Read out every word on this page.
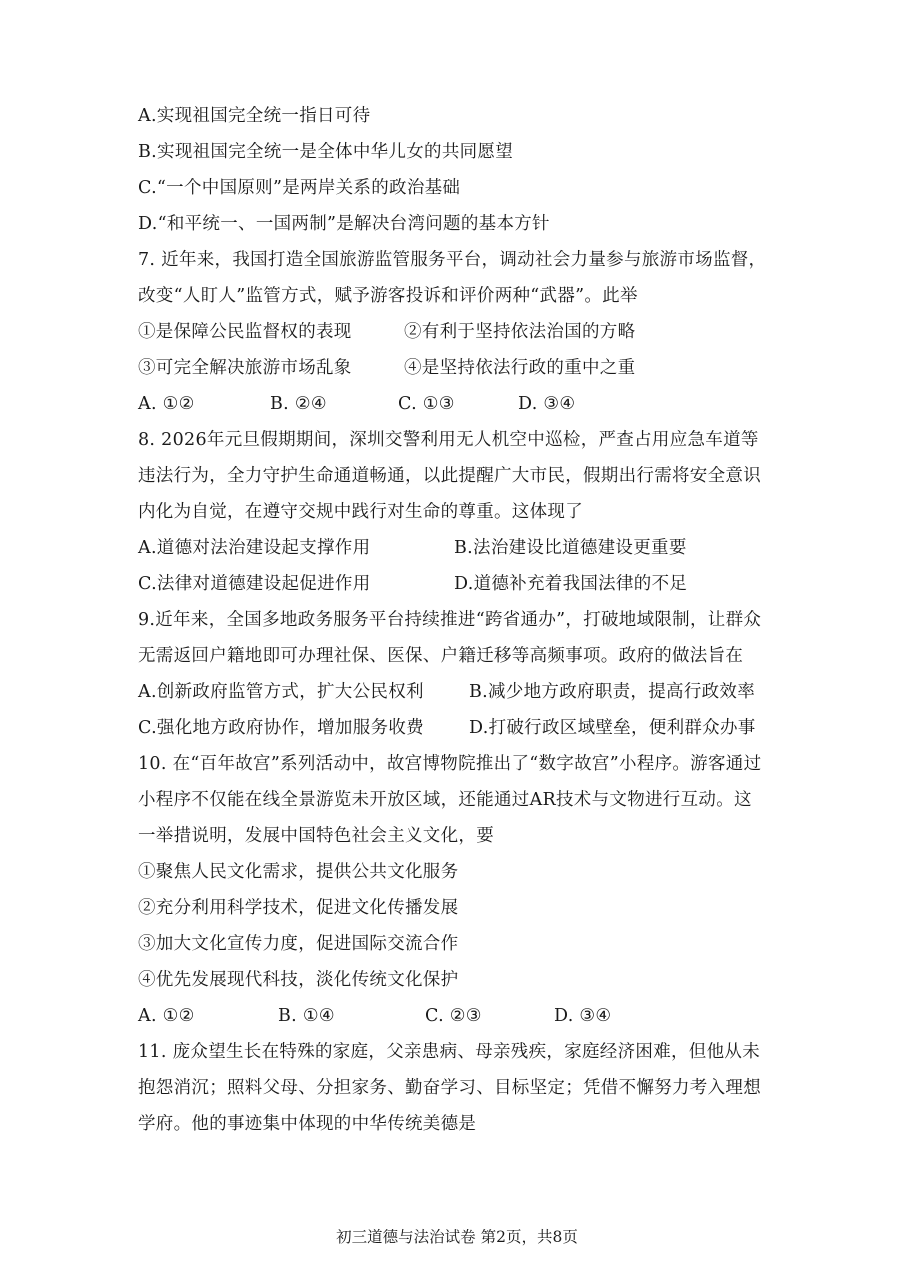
A.实现祖国完全统一指日可待
B.实现祖国完全统一是全体中华儿女的共同愿望
C.“一个中国原则”是两岸关系的政治基础
D.“和平统一、一国两制”是解决台湾问题的基本方针
7. 近年来，我国打造全国旅游监管服务平台，调动社会力量参与旅游市场监督，
改变“人盯人”监管方式，赋予游客投诉和评价两种“武器”。此举
①是保障公民监督权的表现	②有利于坚持依法治国的方略
③可完全解决旅游市场乱象	④是坚持依法行政的重中之重
A. ①②	B. ②④	C. ①③	D. ③④
8. 2026年元旦假期期间，深圳交警利用无人机空中巡检，严查占用应急车道等
违法行为，全力守护生命通道畅通，以此提醒广大市民，假期出行需将安全意识
内化为自觉，在遵守交规中践行对生命的尊重。这体现了
A.道德对法治建设起支撑作用	B.法治建设比道德建设更重要
C.法律对道德建设起促进作用	D.道德补充着我国法律的不足
9.近年来，全国多地政务服务平台持续推进“跨省通办”，打破地域限制，让群众
无需返回户籍地即可办理社保、医保、户籍迁移等高频事项。政府的做法旨在
A.创新政府监管方式，扩大公民权利	B.减少地方政府职责，提高行政效率
C.强化地方政府协作，增加服务收费	D.打破行政区域壁垒，便利群众办事
10. 在“百年故宫”系列活动中，故宫博物院推出了“数字故宫”小程序。游客通过
小程序不仅能在线全景游览未开放区域，还能通过AR技术与文物进行互动。这
一举措说明，发展中国特色社会主义文化，要
①聚焦人民文化需求，提供公共文化服务
②充分利用科学技术，促进文化传播发展
③加大文化宣传力度，促进国际交流合作
④优先发展现代科技，淡化传统文化保护
A. ①②	B. ①④	C. ②③	D. ③④
11. 庞众望生长在特殊的家庭，父亲患病、母亲残疾，家庭经济困难，但他从未
抱怨消沉；照料父母、分担家务、勤奋学习、目标坚定；凭借不懈努力考入理想
学府。他的事迹集中体现的中华传统美德是
初三道德与法治试卷 第2页，共8页
